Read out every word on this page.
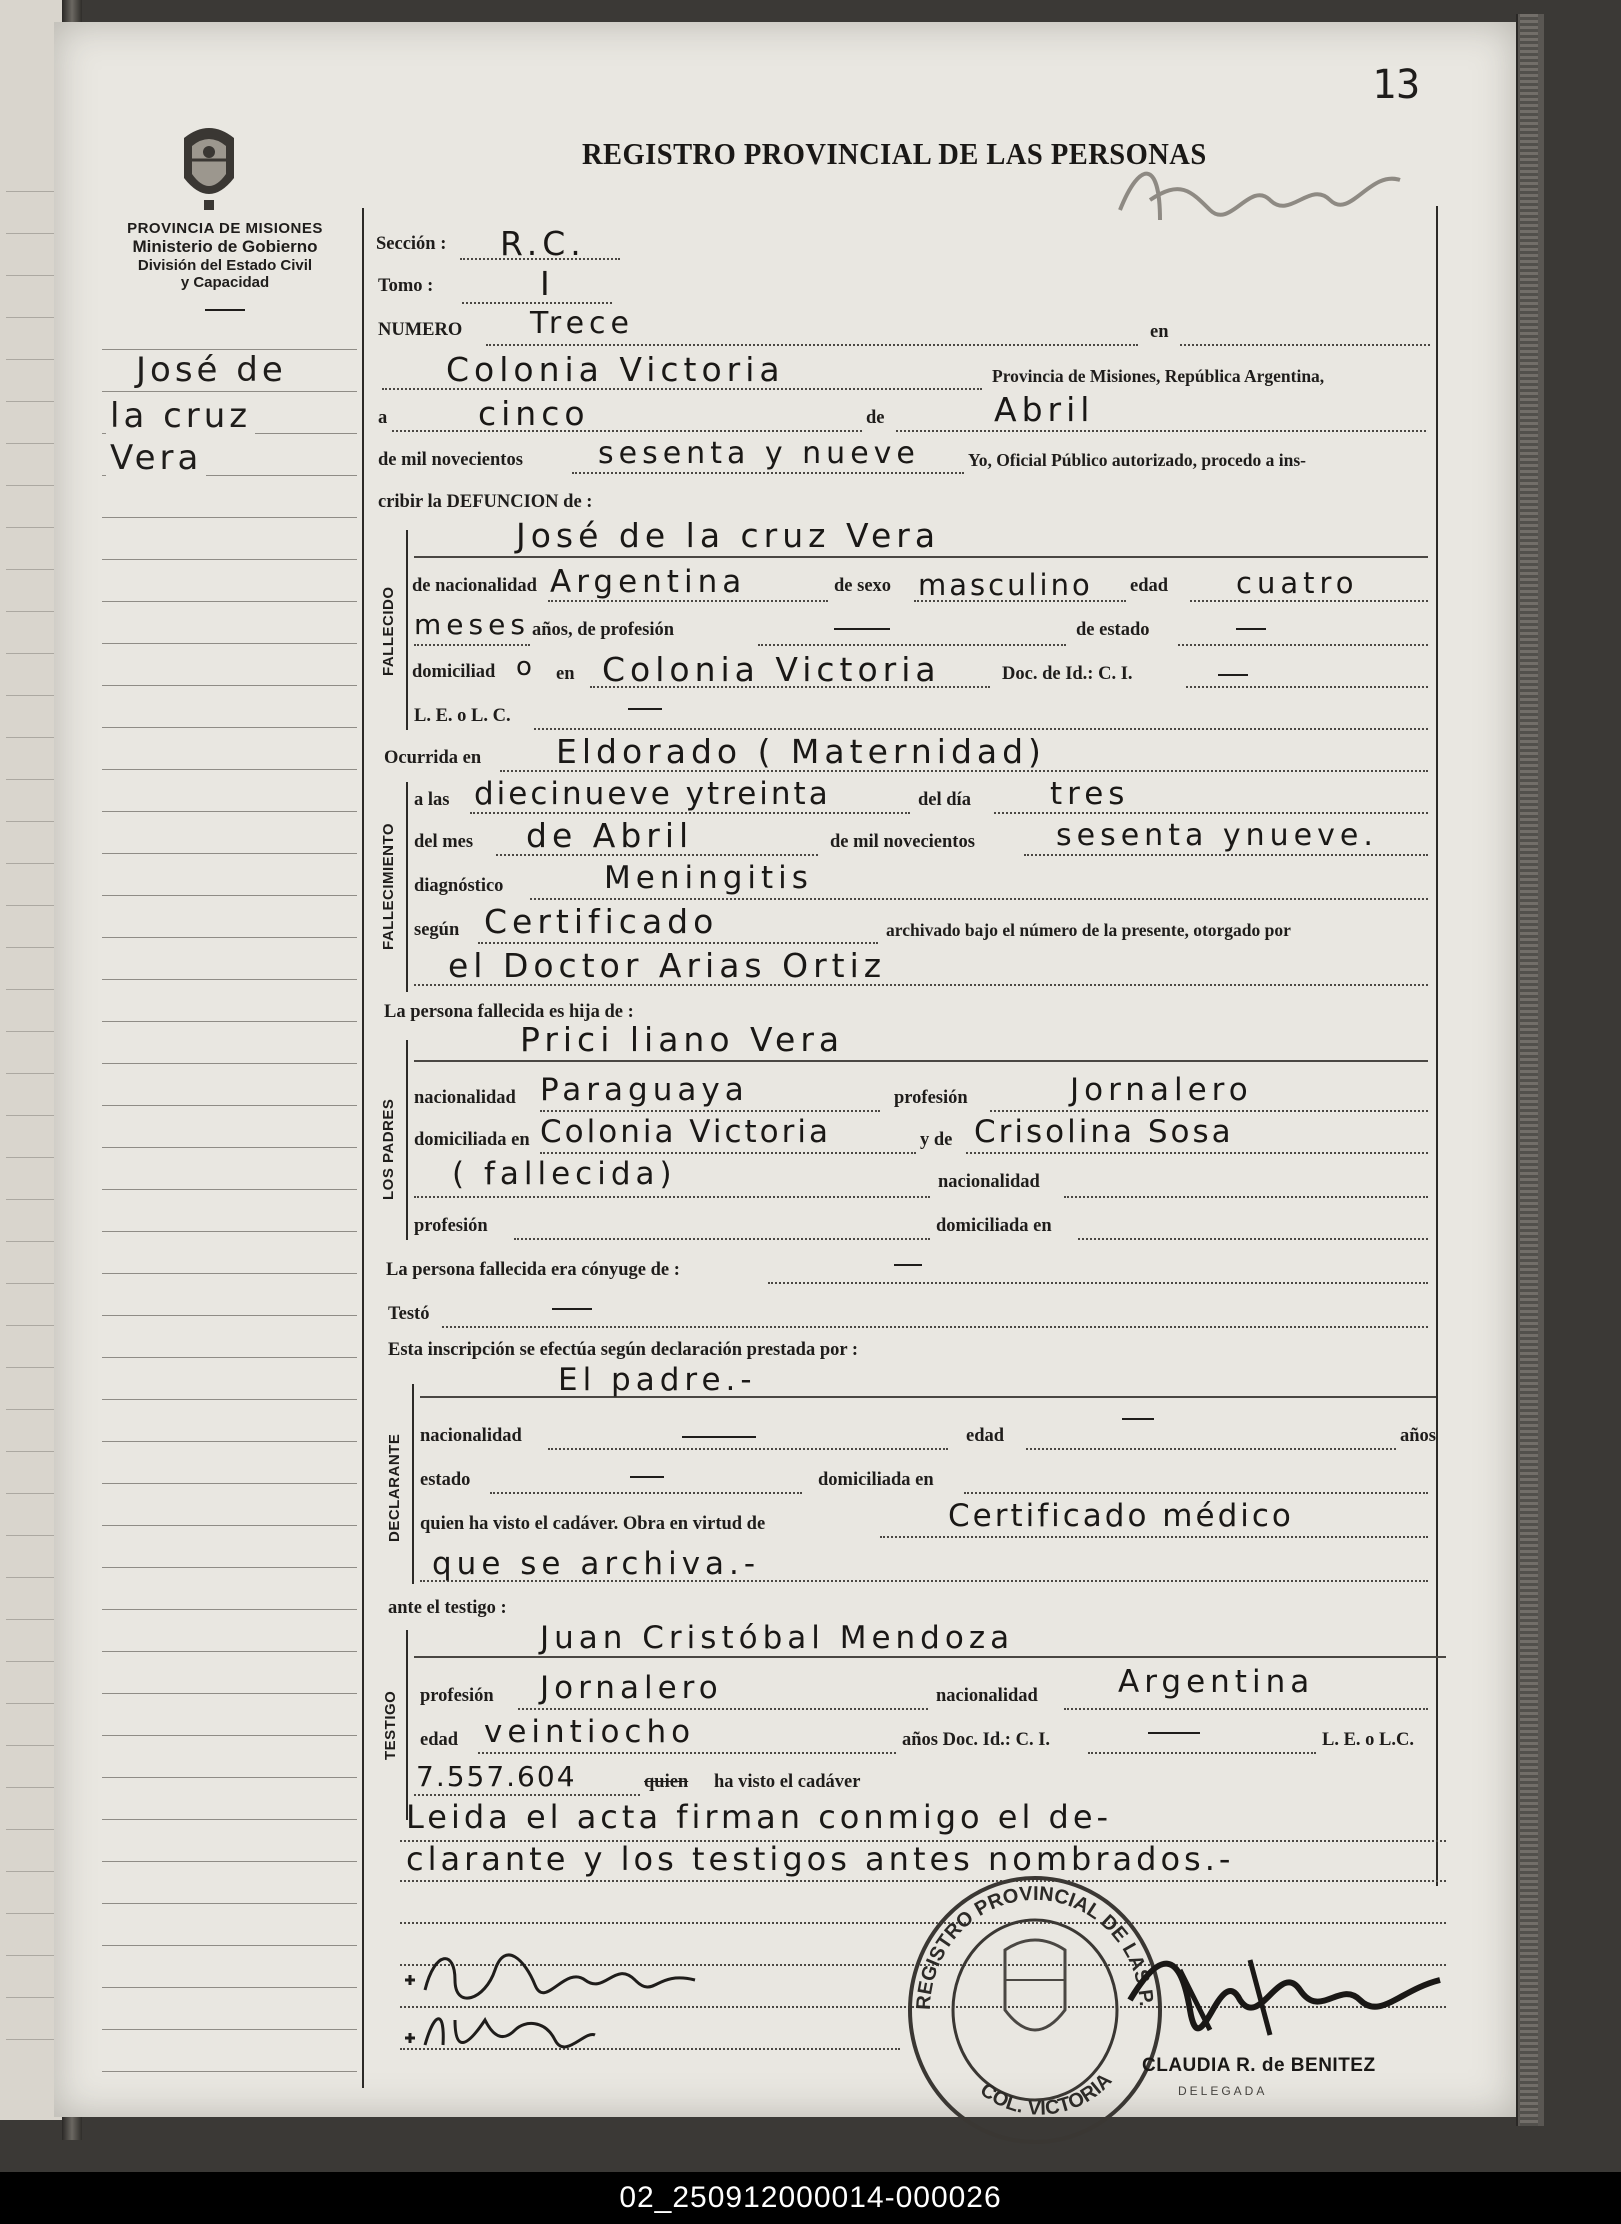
PROVINCIA DE MISIONES
Ministerio de Gobierno
División del Estado Civil
y Capacidad
13
REGISTRO PROVINCIAL DE LAS PERSONAS
José de
la cruz
Vera
Sección : R.C.
Tomo :	I
NUMERO Trece	en
Colonia Victoria	Provincia de Misiones, República Argentina,
a	cinco	de	Abril
de mil novecientos	sesenta y nueve	Yo, Oficial Público autorizado, procedo a ins-
cribir la DEFUNCION de :
FALLECIDO
José de la cruz Vera
de nacionalidad Argentina	de sexo masculino edad cuatro
meses años, de profesión	de estado
domiciliad o en Colonia Victoria	Doc. de Id.: C. I.
L. E. o L. C.
Ocurrida en Eldorado ( Maternidad)
FALLECIMIENTO
a las diecinueve ytreinta	del día	tres
del mes de Abril	de mil novecientos	sesenta ynueve.
diagnóstico	Meningitis
según Certificado	archivado bajo el número de la presente, otorgado por
el Doctor Arias Ortiz
La persona fallecida es hija de :
LOS PADRES
Prici liano Vera
nacionalidad Paraguaya	profesión	Jornalero
domiciliada en Colonia Victoria	y de Crisolina Sosa
( fallecida)	nacionalidad
profesión	domiciliada en
La persona fallecida era cónyuge de :
Testó
Esta inscripción se efectúa según declaración prestada por :
DECLARANTE
El padre.-
nacionalidad	edad	años
estado	domiciliada en
quien ha visto el cadáver. Obra en virtud de	Certificado médico
que se archiva.-
ante el testigo :
TESTIGO
Juan Cristóbal Mendoza
profesión Jornalero	nacionalidad	Argentina
edad veintiocho	años Doc. Id.: C. I.	L. E. o L.C.
7.557.604	quien ha visto el cadáver
Leida el acta firman conmigo el de-
clarante y los testigos antes nombrados.-
REGISTRO PROVINCIAL DE LAS P.
COL. VICTORIA
CLAUDIA R. de BENITEZ
DELEGADA
02_250912000014-000026
